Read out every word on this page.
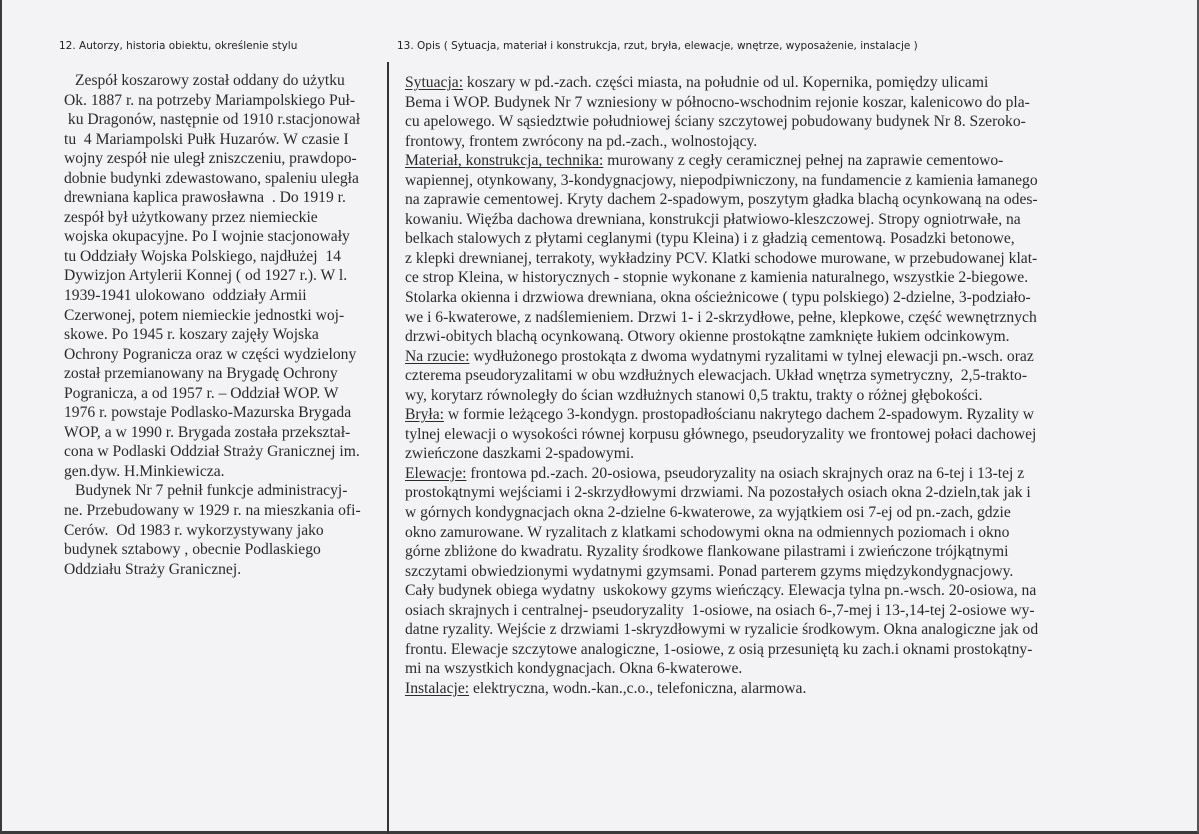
12. Autorzy, historia obiektu, określenie stylu	13. Opis ( Sytuacja, materiał i konstrukcja, rzut, bryła, elewacje, wnętrze, wyposażenie, instalacje )
Zespół koszarowy został oddany do użytku
Ok. 1887 r. na potrzeby Mariampolskiego Puł-
ku Dragonów, następnie od 1910 r.stacjonował
tu  4 Mariampolski Pułk Huzarów. W czasie I
wojny zespół nie uległ zniszczeniu, prawdopo-
dobnie budynki zdewastowano, spaleniu uległa
drewniana kaplica prawosławna  . Do 1919 r.
zespół był użytkowany przez niemieckie
wojska okupacyjne. Po I wojnie stacjonowały
tu Oddziały Wojska Polskiego, najdłużej  14
Dywizjon Artylerii Konnej ( od 1927 r.). W l.
1939-1941 ulokowano  oddziały Armii
Czerwonej, potem niemieckie jednostki woj-
skowe. Po 1945 r. koszary zajęły Wojska
Ochrony Pogranicza oraz w części wydzielony
został przemianowany na Brygadę Ochrony
Pogranicza, a od 1957 r. – Oddział WOP. W
1976 r. powstaje Podlasko-Mazurska Brygada
WOP, a w 1990 r. Brygada została przekształ-
cona w Podlaski Oddział Straży Granicznej im.
gen.dyw. H.Minkiewicza.
Budynek Nr 7 pełnił funkcje administracyj-
ne. Przebudowany w 1929 r. na mieszkania ofi-
Cerów.  Od 1983 r. wykorzystywany jako
budynek sztabowy , obecnie Podlaskiego
Oddziału Straży Granicznej.
Sytuacja: koszary w pd.-zach. części miasta, na południe od ul. Kopernika, pomiędzy ulicami
Bema i WOP. Budynek Nr 7 wzniesiony w północno-wschodnim rejonie koszar, kalenicowo do pla-
cu apelowego. W sąsiedztwie południowej ściany szczytowej pobudowany budynek Nr 8. Szeroko-
frontowy, frontem zwrócony na pd.-zach., wolnostojący.
Materiał, konstrukcja, technika: murowany z cegły ceramicznej pełnej na zaprawie cementowo-
wapiennej, otynkowany, 3-kondygnacjowy, niepodpiwniczony, na fundamencie z kamienia łamanego
na zaprawie cementowej. Kryty dachem 2-spadowym, poszytym gładka blachą ocynkowaną na odes-
kowaniu. Więźba dachowa drewniana, konstrukcji płatwiowo-kleszczowej. Stropy ogniotrwałe, na
belkach stalowych z płytami ceglanymi (typu Kleina) i z gładzią cementową. Posadzki betonowe,
z klepki drewnianej, terrakoty, wykładziny PCV. Klatki schodowe murowane, w przebudowanej klat-
ce strop Kleina, w historycznych - stopnie wykonane z kamienia naturalnego, wszystkie 2-biegowe.
Stolarka okienna i drzwiowa drewniana, okna ościeżnicowe ( typu polskiego) 2-dzielne, 3-podziało-
we i 6-kwaterowe, z nadślemieniem. Drzwi 1- i 2-skrzydłowe, pełne, klepkowe, część wewnętrznych
drzwi-obitych blachą ocynkowaną. Otwory okienne prostokątne zamknięte łukiem odcinkowym.
Na rzucie: wydłużonego prostokąta z dwoma wydatnymi ryzalitami w tylnej elewacji pn.-wsch. oraz
czterema pseudoryzalitami w obu wzdłużnych elewacjach. Układ wnętrza symetryczny,  2,5-trakto-
wy, korytarz równoległy do ścian wzdłużnych stanowi 0,5 traktu, trakty o różnej głębokości.
Bryła: w formie leżącego 3-kondygn. prostopadłościanu nakrytego dachem 2-spadowym. Ryzality w
tylnej elewacji o wysokości równej korpusu głównego, pseudoryzality we frontowej połaci dachowej
zwieńczone daszkami 2-spadowymi.
Elewacje: frontowa pd.-zach. 20-osiowa, pseudoryzality na osiach skrajnych oraz na 6-tej i 13-tej z
prostokątnymi wejściami i 2-skrzydłowymi drzwiami. Na pozostałych osiach okna 2-dzieln,tak jak i
w górnych kondygnacjach okna 2-dzielne 6-kwaterowe, za wyjątkiem osi 7-ej od pn.-zach, gdzie
okno zamurowane. W ryzalitach z klatkami schodowymi okna na odmiennych poziomach i okno
górne zbliżone do kwadratu. Ryzality środkowe flankowane pilastrami i zwieńczone trójkątnymi
szczytami obwiedzionymi wydatnymi gzymsami. Ponad parterem gzyms międzykondygnacjowy.
Cały budynek obiega wydatny  uskokowy gzyms wieńczący. Elewacja tylna pn.-wsch. 20-osiowa, na
osiach skrajnych i centralnej- pseudoryzality  1-osiowe, na osiach 6-,7-mej i 13-,14-tej 2-osiowe wy-
datne ryzality. Wejście z drzwiami 1-skryzdłowymi w ryzalicie środkowym. Okna analogiczne jak od
frontu. Elewacje szczytowe analogiczne, 1-osiowe, z osią przesuniętą ku zach.i oknami prostokątny-
mi na wszystkich kondygnacjach. Okna 6-kwaterowe.
Instalacje: elektryczna, wodn.-kan.,c.o., telefoniczna, alarmowa.
